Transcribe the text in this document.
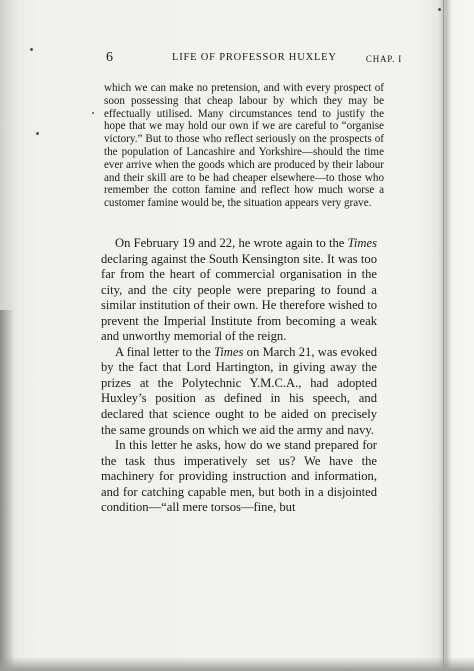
6	LIFE OF PROFESSOR HUXLEY	CHAP. I

which we can make no pretension, and with every prospect of soon possessing that cheap labour by which they may be effectually utilised. Many circumstances tend to justify the hope that we may hold our own if we are careful to “organise victory.” But to those who reflect seriously on the prospects of the population of Lancashire and Yorkshire—should the time ever arrive when the goods which are produced by their labour and their skill are to be had cheaper elsewhere—to those who remember the cotton famine and reflect how much worse a customer famine would be, the situation appears very grave.

On February 19 and 22, he wrote again to the Times declaring against the South Kensington site. It was too far from the heart of commercial organisation in the city, and the city people were preparing to found a similar institution of their own. He therefore wished to prevent the Imperial Institute from becoming a weak and unworthy memorial of the reign.

A final letter to the Times on March 21, was evoked by the fact that Lord Hartington, in giving away the prizes at the Polytechnic Y.M.C.A., had adopted Huxley’s position as defined in his speech, and declared that science ought to be aided on precisely the same grounds on which we aid the army and navy.

In this letter he asks, how do we stand prepared for the task thus imperatively set us? We have the machinery for providing instruction and information, and for catching capable men, but both in a disjointed condition—“all mere torsos—fine, but
